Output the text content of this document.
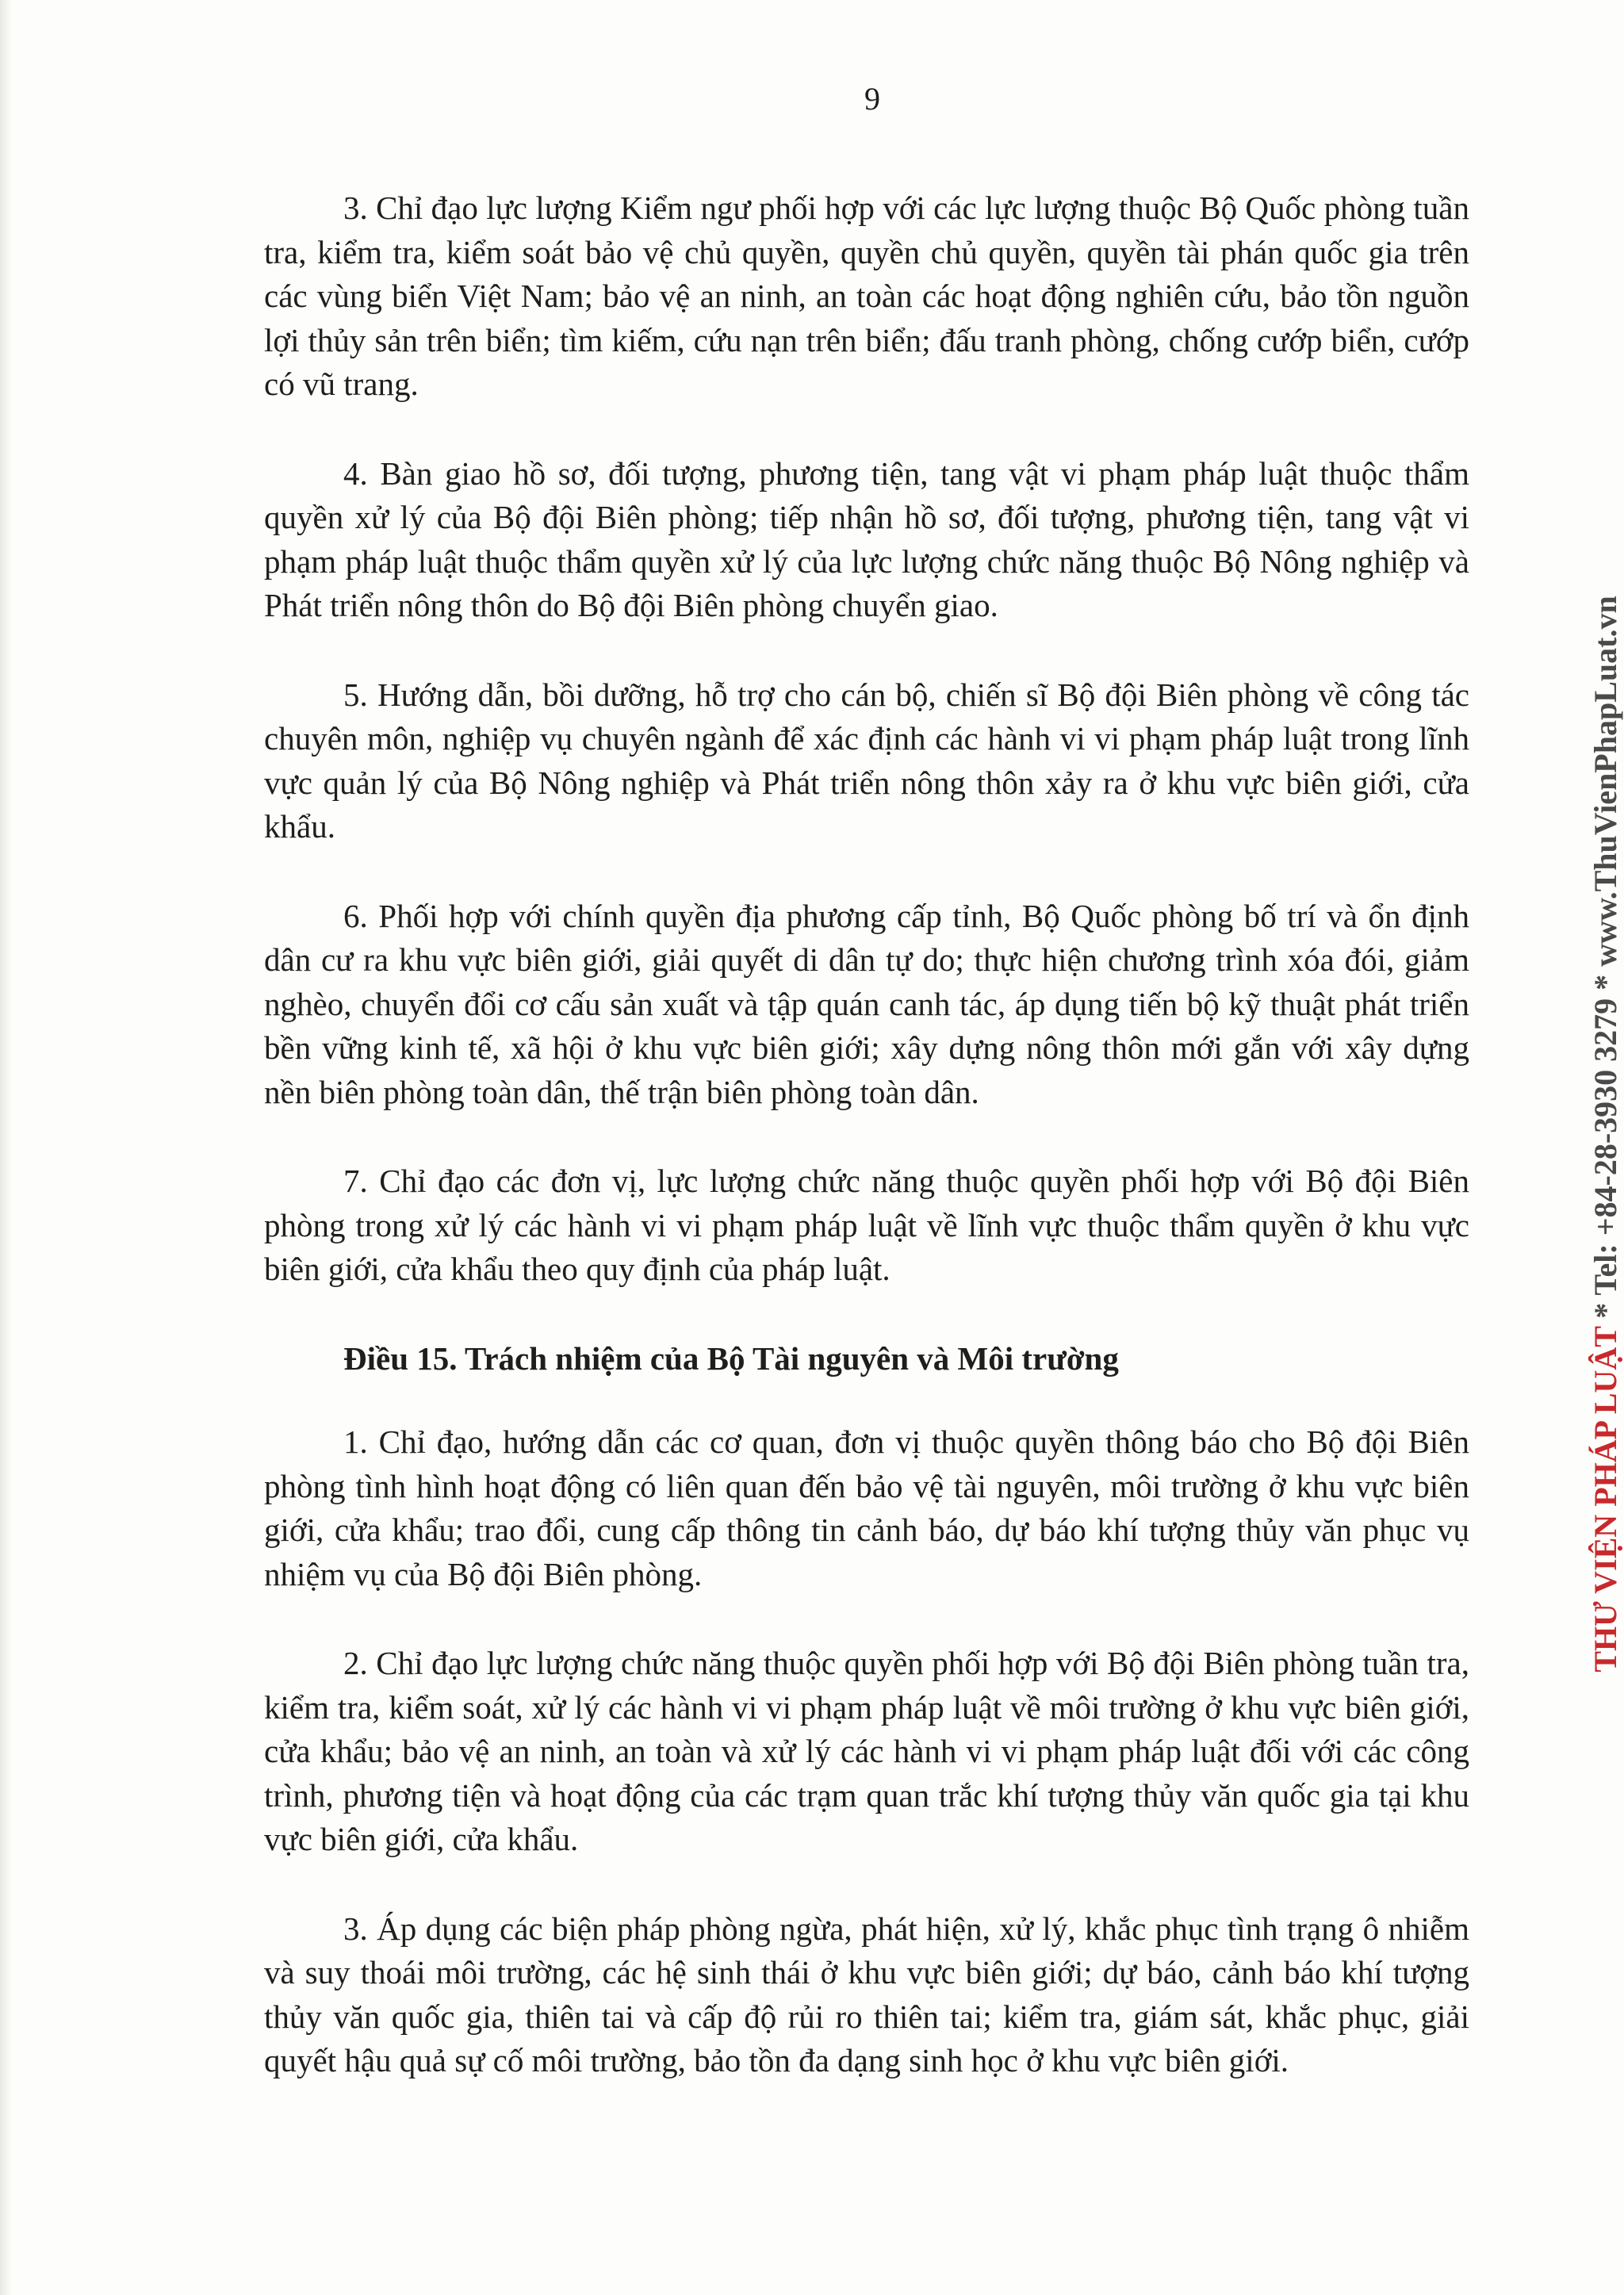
9

3. Chỉ đạo lực lượng Kiểm ngư phối hợp với các lực lượng thuộc Bộ Quốc phòng tuần tra, kiểm tra, kiểm soát bảo vệ chủ quyền, quyền chủ quyền, quyền tài phán quốc gia trên các vùng biển Việt Nam; bảo vệ an ninh, an toàn các hoạt động nghiên cứu, bảo tồn nguồn lợi thủy sản trên biển; tìm kiếm, cứu nạn trên biển; đấu tranh phòng, chống cướp biển, cướp có vũ trang.

4. Bàn giao hồ sơ, đối tượng, phương tiện, tang vật vi phạm pháp luật thuộc thẩm quyền xử lý của Bộ đội Biên phòng; tiếp nhận hồ sơ, đối tượng, phương tiện, tang vật vi phạm pháp luật thuộc thẩm quyền xử lý của lực lượng chức năng thuộc Bộ Nông nghiệp và Phát triển nông thôn do Bộ đội Biên phòng chuyển giao.

5. Hướng dẫn, bồi dưỡng, hỗ trợ cho cán bộ, chiến sĩ Bộ đội Biên phòng về công tác chuyên môn, nghiệp vụ chuyên ngành để xác định các hành vi vi phạm pháp luật trong lĩnh vực quản lý của Bộ Nông nghiệp và Phát triển nông thôn xảy ra ở khu vực biên giới, cửa khẩu.

6. Phối hợp với chính quyền địa phương cấp tỉnh, Bộ Quốc phòng bố trí và ổn định dân cư ra khu vực biên giới, giải quyết di dân tự do; thực hiện chương trình xóa đói, giảm nghèo, chuyển đổi cơ cấu sản xuất và tập quán canh tác, áp dụng tiến bộ kỹ thuật phát triển bền vững kinh tế, xã hội ở khu vực biên giới; xây dựng nông thôn mới gắn với xây dựng nền biên phòng toàn dân, thế trận biên phòng toàn dân.

7. Chỉ đạo các đơn vị, lực lượng chức năng thuộc quyền phối hợp với Bộ đội Biên phòng trong xử lý các hành vi vi phạm pháp luật về lĩnh vực thuộc thẩm quyền ở khu vực biên giới, cửa khẩu theo quy định của pháp luật.

Điều 15. Trách nhiệm của Bộ Tài nguyên và Môi trường

1. Chỉ đạo, hướng dẫn các cơ quan, đơn vị thuộc quyền thông báo cho Bộ đội Biên phòng tình hình hoạt động có liên quan đến bảo vệ tài nguyên, môi trường ở khu vực biên giới, cửa khẩu; trao đổi, cung cấp thông tin cảnh báo, dự báo khí tượng thủy văn phục vụ nhiệm vụ của Bộ đội Biên phòng.

2. Chỉ đạo lực lượng chức năng thuộc quyền phối hợp với Bộ đội Biên phòng tuần tra, kiểm tra, kiểm soát, xử lý các hành vi vi phạm pháp luật về môi trường ở khu vực biên giới, cửa khẩu; bảo vệ an ninh, an toàn và xử lý các hành vi vi phạm pháp luật đối với các công trình, phương tiện và hoạt động của các trạm quan trắc khí tượng thủy văn quốc gia tại khu vực biên giới, cửa khẩu.

3. Áp dụng các biện pháp phòng ngừa, phát hiện, xử lý, khắc phục tình trạng ô nhiễm và suy thoái môi trường, các hệ sinh thái ở khu vực biên giới; dự báo, cảnh báo khí tượng thủy văn quốc gia, thiên tai và cấp độ rủi ro thiên tai; kiểm tra, giám sát, khắc phục, giải quyết hậu quả sự cố môi trường, bảo tồn đa dạng sinh học ở khu vực biên giới.

THƯ VIỆN PHÁP LUẬT * Tel: +84-28-3930 3279 * www.ThuVienPhapLuat.vn
